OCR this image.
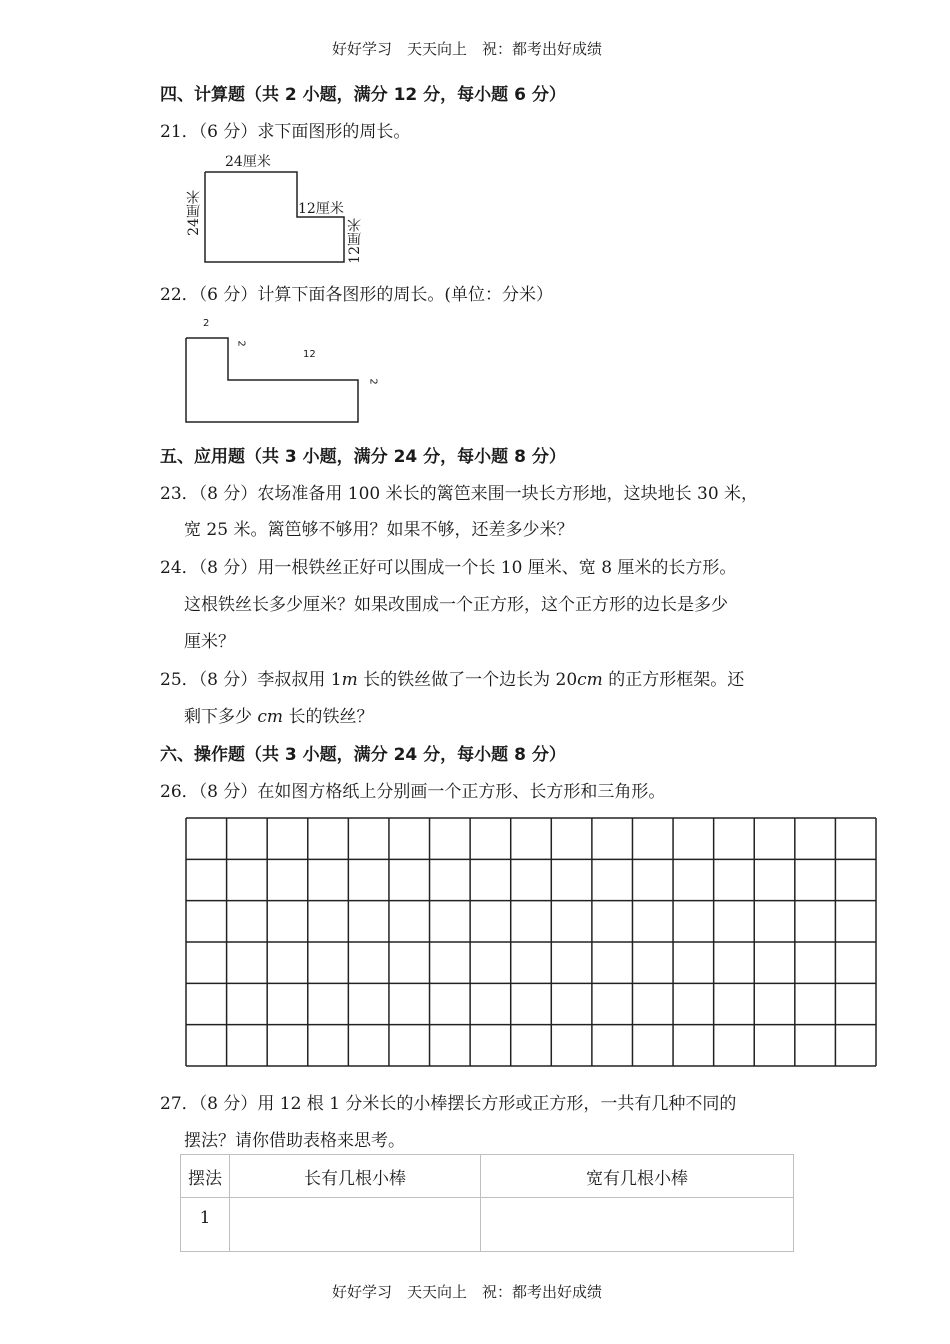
好好学习　天天向上　祝：都考出好成绩
四、计算题（共 2 小题，满分 12 分，每小题 6 分）
21．（6 分）求下面图形的周长。
24厘米
24厘米	12厘米
12厘米
22．（6 分）计算下面各图形的周长。(单位：分米）
2
2
12
2
五、应用题（共 3 小题，满分 24 分，每小题 8 分）
23．（8 分）农场准备用 100 米长的篱笆来围一块长方形地，这块地长 30 米，
宽 25 米。篱笆够不够用？如果不够，还差多少米？
24．（8 分）用一根铁丝正好可以围成一个长 10 厘米、宽 8 厘米的长方形。
这根铁丝长多少厘米？如果改围成一个正方形，这个正方形的边长是多少
厘米？
25．（8 分）李叔叔用 1m 长的铁丝做了一个边长为 20cm 的正方形框架。还
剩下多少 cm 长的铁丝？
六、操作题（共 3 小题，满分 24 分，每小题 8 分）
26．（8 分）在如图方格纸上分别画一个正方形、长方形和三角形。
27．（8 分）用 12 根 1 分米长的小棒摆长方形或正方形，一共有几种不同的
摆法？请你借助表格来思考。
摆法	长有几根小棒	宽有几根小棒
1		
好好学习　天天向上　祝：都考出好成绩
